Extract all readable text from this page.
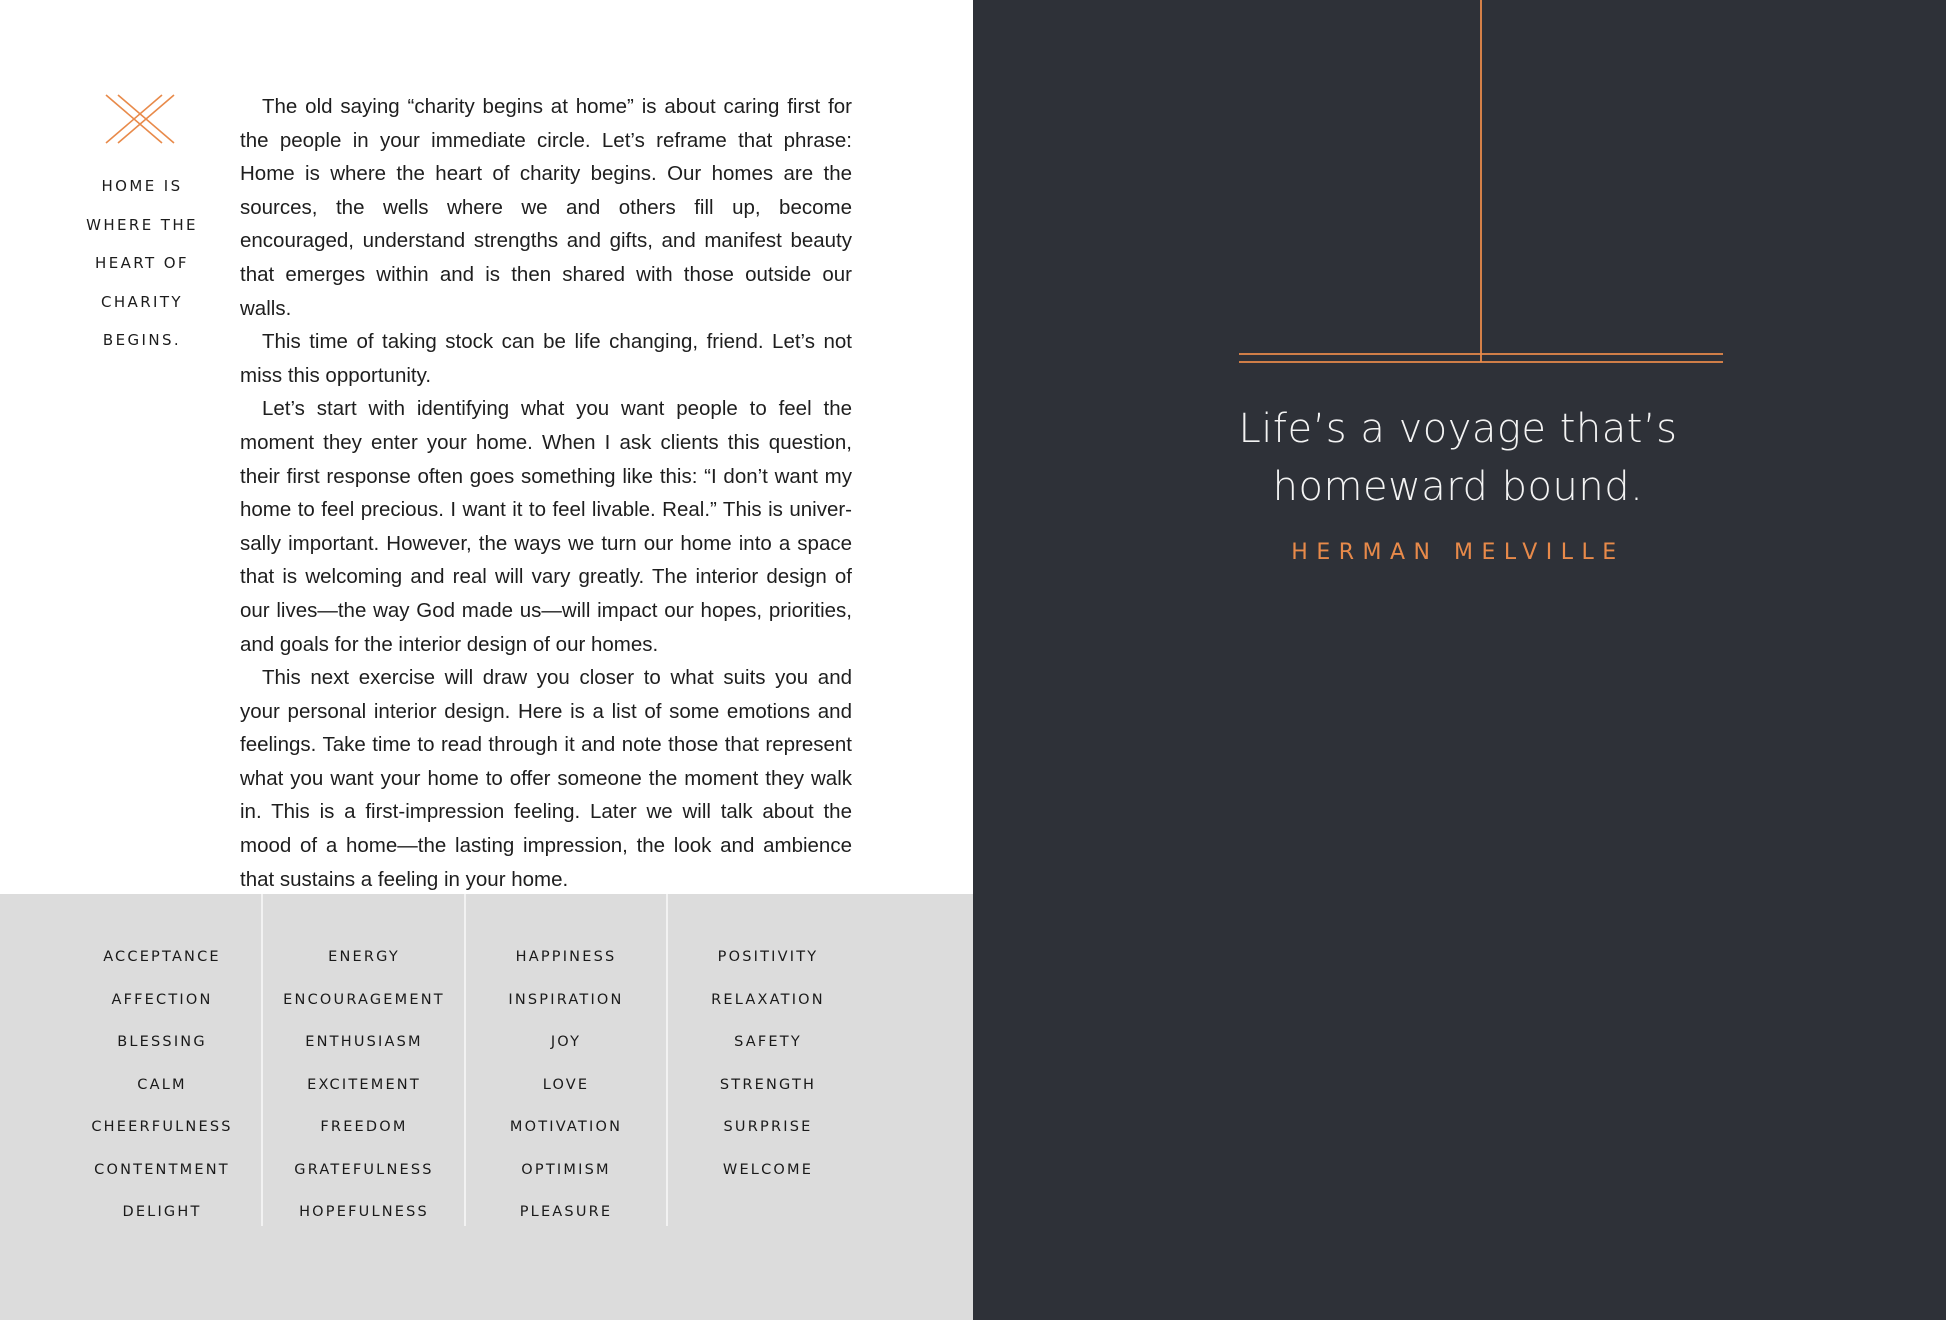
HOME IS
WHERE THE
HEART OF
CHARITY
BEGINS.

The old saying “charity begins at home” is about caring first for the people in your immediate circle. Let’s reframe that phrase: Home is where the heart of charity begins. Our homes are the sources, the wells where we and others fill up, become encouraged, understand strengths and gifts, and manifest beauty that emerges within and is then shared with those outside our walls.

This time of taking stock can be life changing, friend. Let’s not miss this opportunity.

Let’s start with identifying what you want people to feel the moment they enter your home. When I ask clients this question, their first response often goes something like this: “I don’t want my home to feel precious. I want it to feel livable. Real.” This is universally important. However, the ways we turn our home into a space that is welcoming and real will vary greatly. The interior design of our lives—the way God made us—will impact our hopes, priorities, and goals for the interior design of our homes.

This next exercise will draw you closer to what suits you and your personal interior design. Here is a list of some emotions and feelings. Take time to read through it and note those that represent what you want your home to offer someone the moment they walk in. This is a first-impression feeling. Later we will talk about the mood of a home—the lasting impression, the look and ambience that sustains a feeling in your home.

ACCEPTANCE
AFFECTION
BLESSING
CALM
CHEERFULNESS
CONTENTMENT
DELIGHT
ENERGY
ENCOURAGEMENT
ENTHUSIASM
EXCITEMENT
FREEDOM
GRATEFULNESS
HOPEFULNESS
HAPPINESS
INSPIRATION
JOY
LOVE
MOTIVATION
OPTIMISM
PLEASURE
POSITIVITY
RELAXATION
SAFETY
STRENGTH
SURPRISE
WELCOME
Life’s a voyage that’s
homeward bound.
HERMAN MELVILLE
